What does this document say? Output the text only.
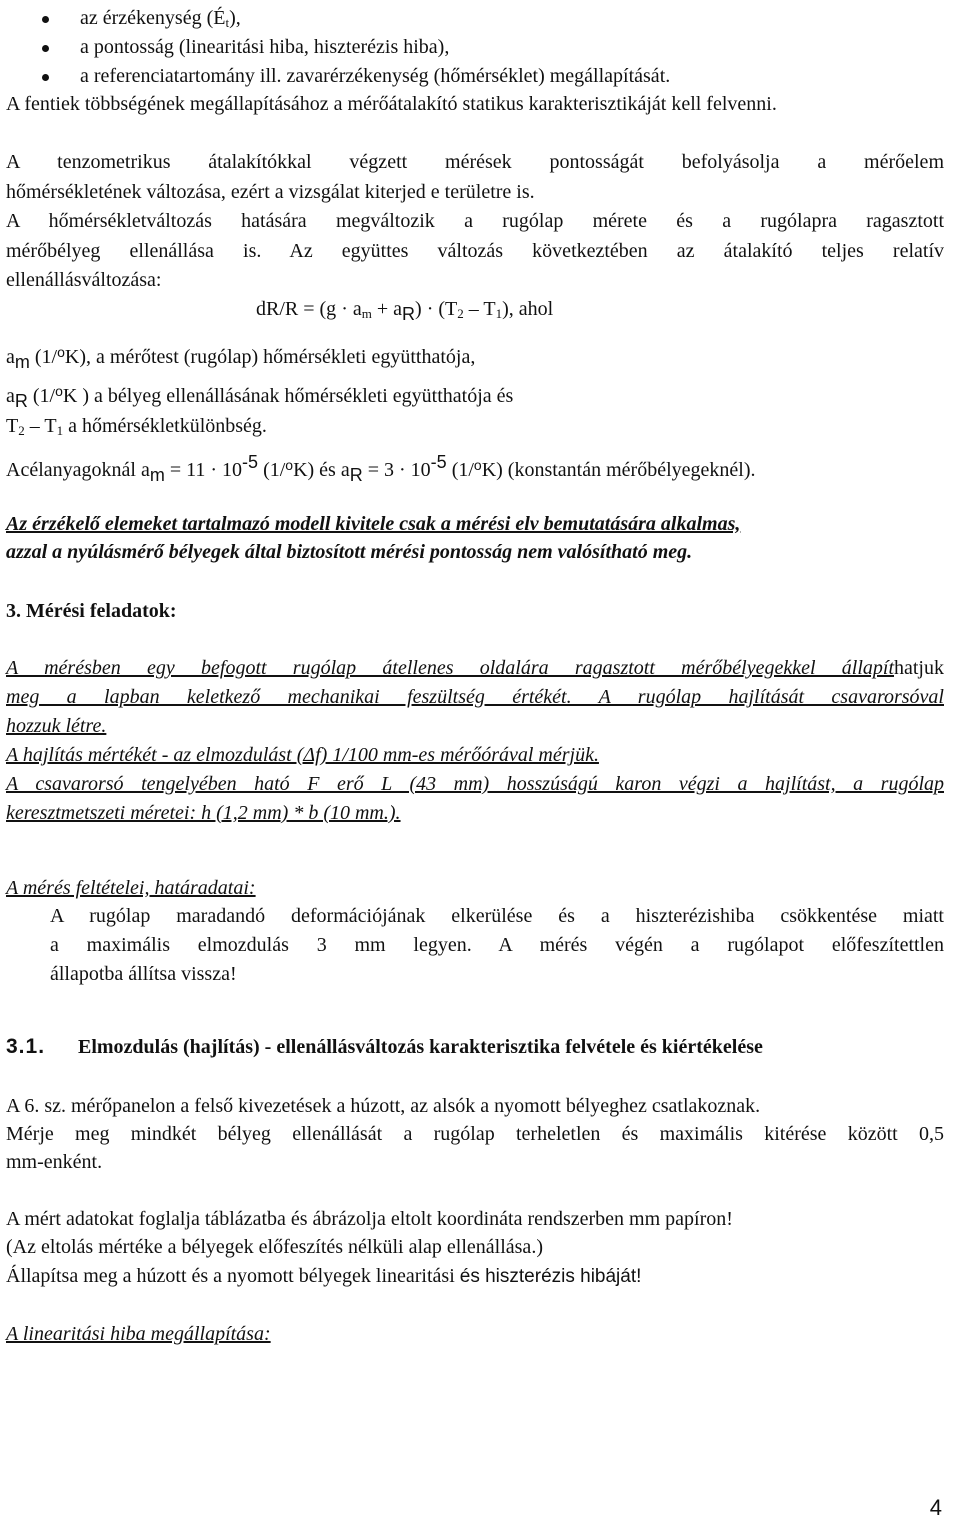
az érzékenység $(É_t)$,
a pontosság (linearitási hiba, hiszterézis hiba),
a referenciatartomány ill. zavarérzékenység (hőmérséklet) megállapítását.
A fentiek többségének megállapításához a mérőátalakító statikus karakterisztikáját kell felvenni.
A tenzometrikus átalakítókkal végzett mérések pontosságát befolyásolja a mérőelem
hőmérsékletének változása, ezért a vizsgálat kiterjed e területre is.
A hőmérsékletváltozás hatására megváltozik a rugólap mérete és a rugólapra ragasztott
mérőbélyeg ellenállása is. Az együttes változás következtében az átalakító teljes relatív
ellenállásváltozása:
$dR/R = (g \cdot a_m + aR) \cdot (T_2 - T_1)$, ahol
am (1/$^o$K), a mérőtest (rugólap) hőmérsékleti együtthatója,
aR (1/$^o$K ) a bélyeg ellenállásának hőmérsékleti együtthatója és
$T_2 - T_1$ a hőmérsékletkülönbség.
Acélanyagoknál am = 11 · 10-5 (1/$^o$K) és aR = 3 · 10-5 (1/$^o$K) (konstantán mérőbélyegeknél).
Az érzékelő elemeket tartalmazó modell kivitele csak a mérési elv bemutatására alkalmas,
azzal a nyúlásmérő bélyegek által biztosított mérési pontosság nem valósítható meg.
3. Mérési feladatok:
A mérésben egy befogott rugólap átellenes oldalára ragasztott mérőbélyegekkel állapíthatjuk
meg a lapban keletkező mechanikai feszültség értékét. A rugólap hajlítását csavarorsóval
hozzuk létre.
A hajlítás mértékét - az elmozdulást (Δf) 1/100 mm-es mérőórával mérjük.
A csavarorsó tengelyében ható F erő L (43 mm) hosszúságú karon végzi a hajlítást, a rugólap
keresztmetszeti méretei: h (1,2 mm) * b (10 mm.).
A mérés feltételei, határadatai:
A rugólap maradandó deformációjának elkerülése és a hiszterézishiba csökkentése miatt
a maximális elmozdulás 3 mm legyen. A mérés végén a rugólapot előfeszítettlen
állapotba állítsa vissza!
3.1. Elmozdulás (hajlítás) - ellenállásváltozás karakterisztika felvétele és kiértékelése
A 6. sz. mérőpanelon a felső kivezetések a húzott, az alsók a nyomott bélyeghez csatlakoznak.
Mérje meg mindkét bélyeg ellenállását a rugólap terheletlen és maximális kitérése között 0,5
mm-enként.
A mért adatokat foglalja táblázatba és ábrázolja eltolt koordináta rendszerben mm papíron!
(Az eltolás mértéke a bélyegek előfeszítés nélküli alap ellenállása.)
Állapítsa meg a húzott és a nyomott bélyegek linearitási és hiszterézis hibáját!
A linearitási hiba megállapítása:
4
